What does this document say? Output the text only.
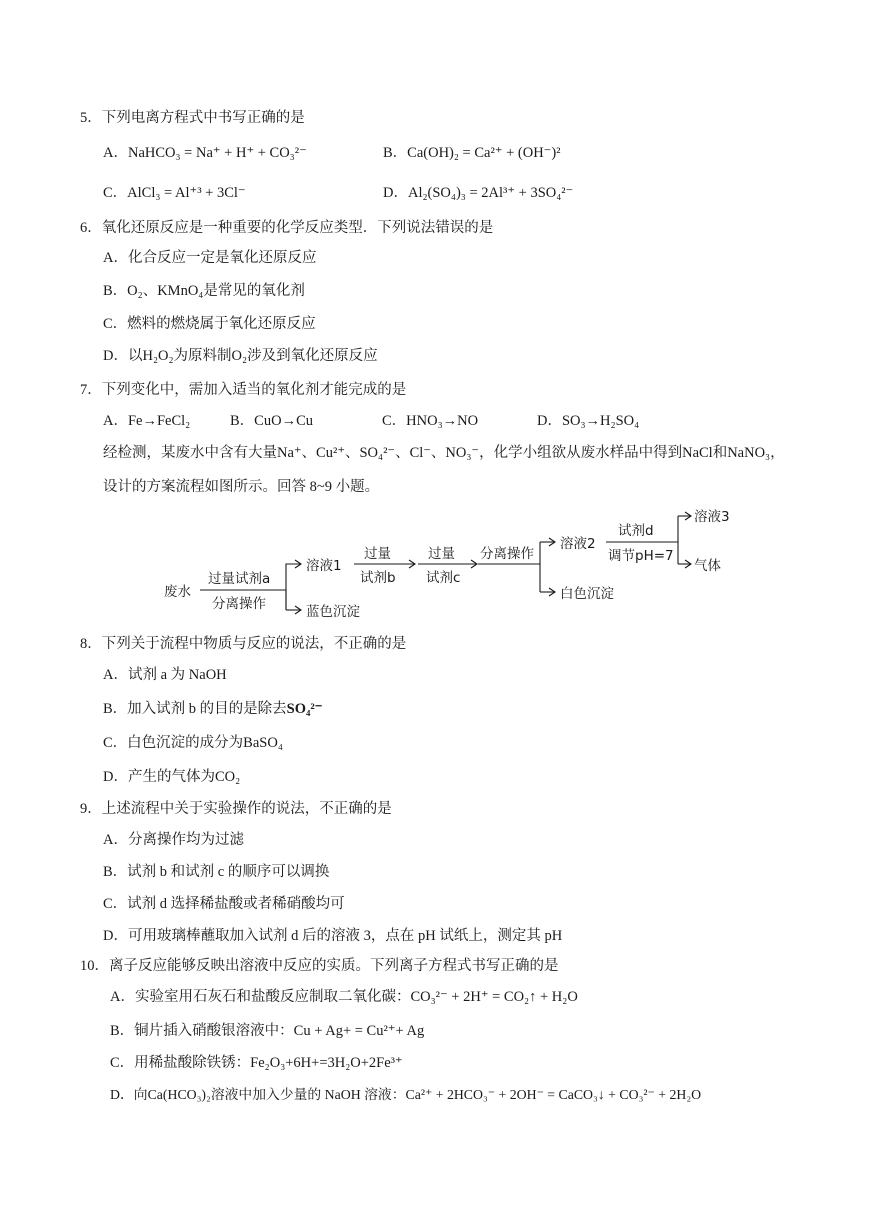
5．下列电离方程式中书写正确的是
A．NaHCO₃ = Na⁺ + H⁺ + CO₃²⁻	B．Ca(OH)₂ = Ca²⁺ + (OH⁻)²
C．AlCl₃ = Al⁺³ + 3Cl⁻	D．Al₂(SO₄)₃ = 2Al³⁺ + 3SO₄²⁻
6．氧化还原反应是一种重要的化学反应类型．下列说法错误的是
A．化合反应一定是氧化还原反应
B．O₂、KMnO₄是常见的氧化剂
C．燃料的燃烧属于氧化还原反应
D．以H₂O₂为原料制O₂涉及到氧化还原反应
7．下列变化中，需加入适当的氧化剂才能完成的是
A．Fe→FeCl₂	B．CuO→Cu	C．HNO₃→NO	D．SO₃→H₂SO₄
经检测，某废水中含有大量Na⁺、Cu²⁺、SO₄²⁻、Cl⁻、NO₃⁻，化学小组欲从废水样品中得到NaCl和NaNO₃，
设计的方案流程如图所示。回答 8~9 小题。
废水
过量试剂a
分离操作
溶液1
蓝色沉淀
过量
试剂b
过量
试剂c
分离操作
溶液2
白色沉淀
试剂d
调节pH=7
溶液3
气体
8．下列关于流程中物质与反应的说法，不正确的是
A．试剂 a 为 NaOH
B．加入试剂 b 的目的是除去SO₄²⁻
C．白色沉淀的成分为BaSO₄
D．产生的气体为CO₂
9．上述流程中关于实验操作的说法，不正确的是
A．分离操作均为过滤
B．试剂 b 和试剂 c 的顺序可以调换
C．试剂 d 选择稀盐酸或者稀硝酸均可
D．可用玻璃棒蘸取加入试剂 d 后的溶液 3，点在 pH 试纸上，测定其 pH
10．离子反应能够反映出溶液中反应的实质。下列离子方程式书写正确的是
A．实验室用石灰石和盐酸反应制取二氧化碳：CO₃²⁻ + 2H⁺ = CO₂↑ + H₂O
B．铜片插入硝酸银溶液中：Cu + Ag+ = Cu²⁺+ Ag
C．用稀盐酸除铁锈：Fe₂O₃+6H+=3H₂O+2Fe³⁺
D．向Ca(HCO₃)₂溶液中加入少量的 NaOH 溶液：Ca²⁺ + 2HCO₃⁻ + 2OH⁻ = CaCO₃↓ + CO₃²⁻ + 2H₂O
